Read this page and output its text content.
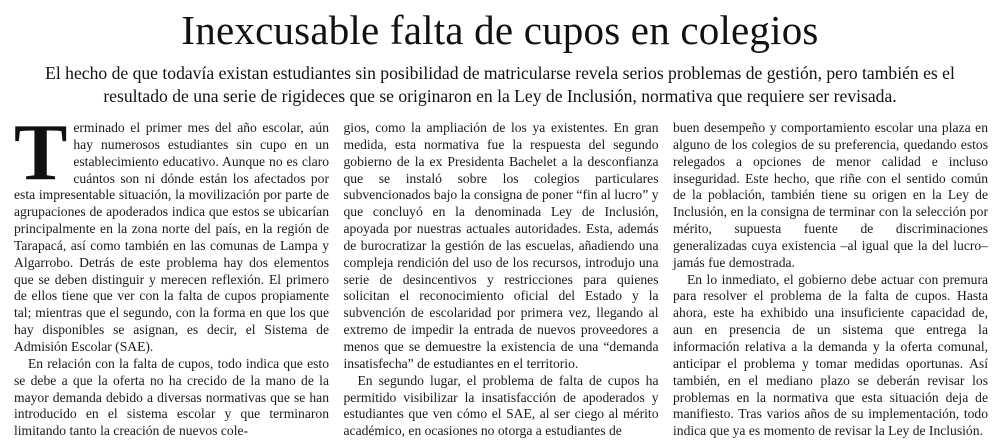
Inexcusable falta de cupos en colegios

El hecho de que todavía existan estudiantes sin posibilidad de matricularse revela serios problemas de gestión, pero también es el resultado de una serie de rigideces que se originaron en la Ley de Inclusión, normativa que requiere ser revisada.

Terminado el primer mes del año escolar, aún hay numerosos estudiantes sin cupo en un establecimiento educativo. Aunque no es claro cuántos son ni dónde están los afectados por esta impresentable situación, la movilización por parte de agrupaciones de apoderados indica que estos se ubicarían principalmente en la zona norte del país, en la región de Tarapacá, así como también en las comunas de Lampa y Algarrobo. Detrás de este problema hay dos elementos que se deben distinguir y merecen reflexión. El primero de ellos tiene que ver con la falta de cupos propiamente tal; mientras que el segundo, con la forma en que los que hay disponibles se asignan, es decir, el Sistema de Admisión Escolar (SAE).

En relación con la falta de cupos, todo indica que esto se debe a que la oferta no ha crecido de la mano de la mayor demanda debido a diversas normativas que se han introducido en el sistema escolar y que terminaron limitando tanto la creación de nuevos cole-

gios, como la ampliación de los ya existentes. En gran medida, esta normativa fue la respuesta del segundo gobierno de la ex Presidenta Bachelet a la desconfianza que se instaló sobre los colegios particulares subvencionados bajo la consigna de poner “fin al lucro” y que concluyó en la denominada Ley de Inclusión, apoyada por nuestras actuales autoridades. Esta, además de burocratizar la gestión de las escuelas, añadiendo una compleja rendición del uso de los recursos, introdujo una serie de desincentivos y restricciones para quienes solicitan el reconocimiento oficial del Estado y la subvención de escolaridad por primera vez, llegando al extremo de impedir la entrada de nuevos proveedores a menos que se demuestre la existencia de una “demanda insatisfecha” de estudiantes en el territorio.

En segundo lugar, el problema de falta de cupos ha permitido visibilizar la insatisfacción de apoderados y estudiantes que ven cómo el SAE, al ser ciego al mérito académico, en ocasiones no otorga a estudiantes de

buen desempeño y comportamiento escolar una plaza en alguno de los colegios de su preferencia, quedando estos relegados a opciones de menor calidad e incluso inseguridad. Este hecho, que riñe con el sentido común de la población, también tiene su origen en la Ley de Inclusión, en la consigna de terminar con la selección por mérito, supuesta fuente de discriminaciones generalizadas cuya existencia –al igual que la del lucro– jamás fue demostrada.

En lo inmediato, el gobierno debe actuar con premura para resolver el problema de la falta de cupos. Hasta ahora, este ha exhibido una insuficiente capacidad de, aun en presencia de un sistema que entrega la información relativa a la demanda y la oferta comunal, anticipar el problema y tomar medidas oportunas. Así también, en el mediano plazo se deberán revisar los problemas en la normativa que esta situación deja de manifiesto. Tras varios años de su implementación, todo indica que ya es momento de revisar la Ley de Inclusión.
